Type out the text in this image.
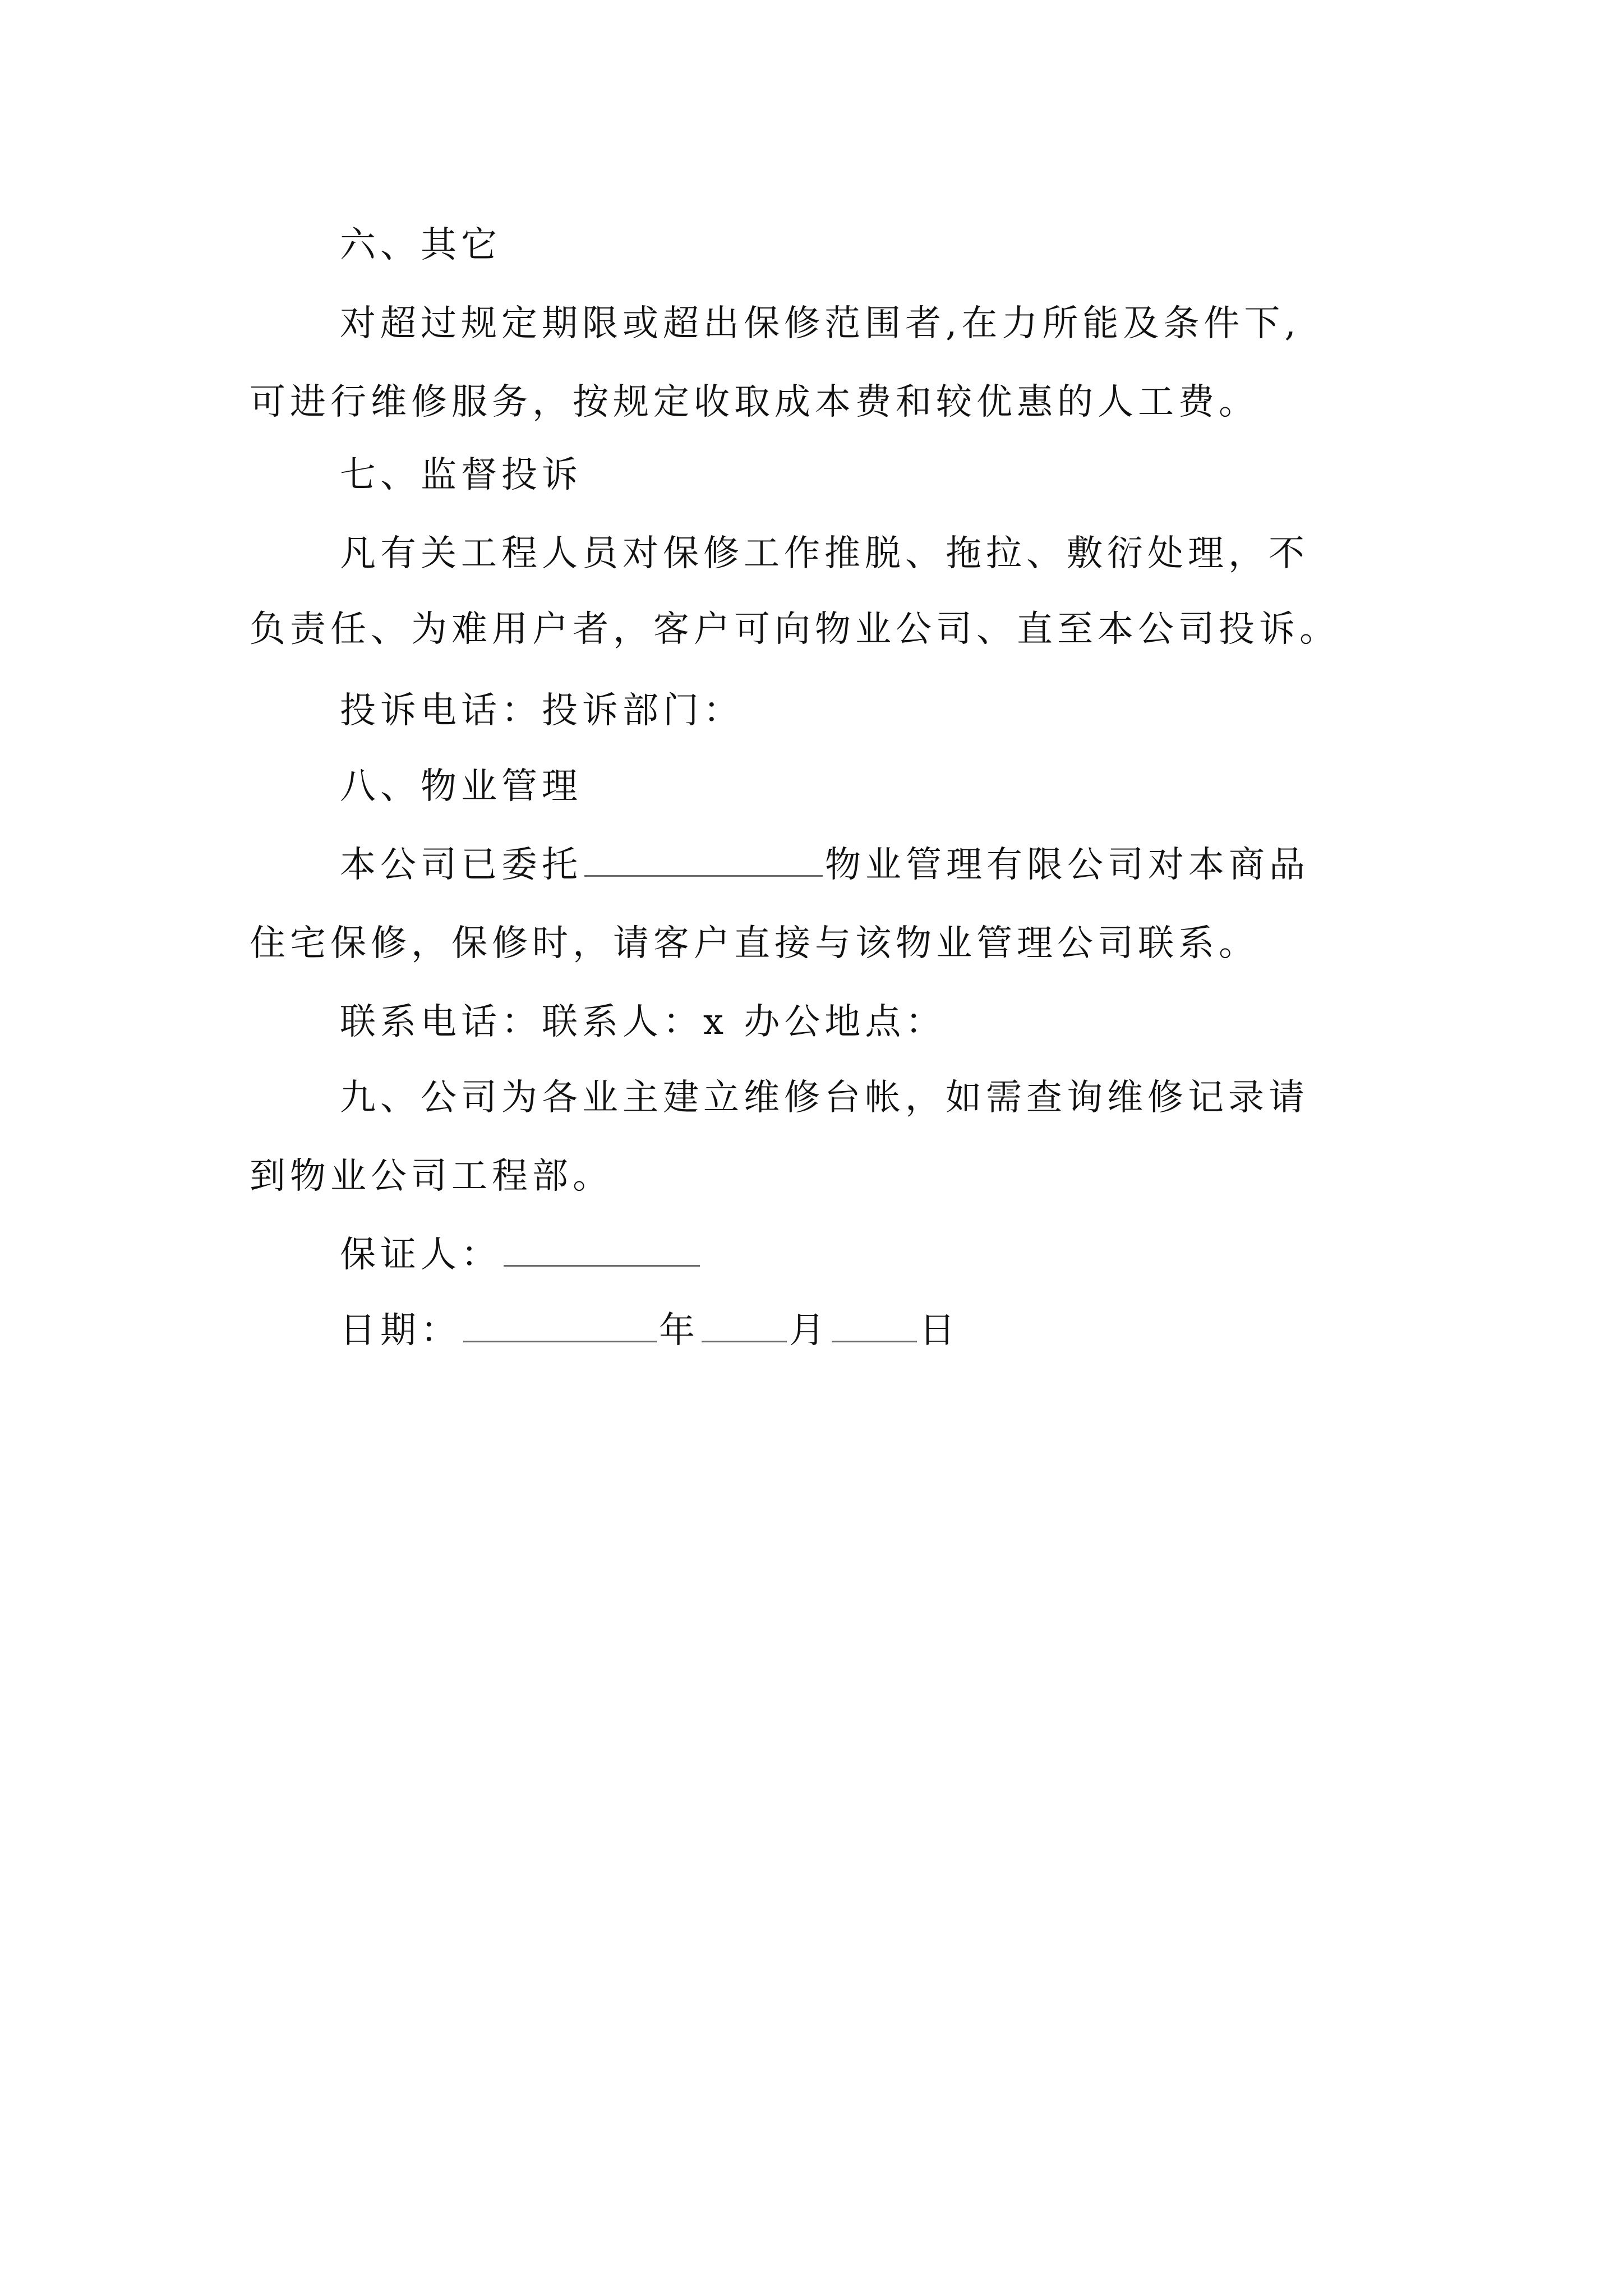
六、其它
对超过规定期限或超出保修范围者,在力所能及条件下,
可进行维修服务，按规定收取成本费和较优惠的人工费。
七、监督投诉
凡有关工程人员对保修工作推脱、拖拉、敷衍处理，不
负责任、为难用户者，客户可向物业公司、直至本公司投诉。
投诉电话：投诉部门：
八、物业管理
本公司已委托	物业管理有限公司对本商品
住宅保修，保修时，请客户直接与该物业管理公司联系。
联系电话：联系人：x 办公地点：
九、公司为各业主建立维修台帐，如需查询维修记录请
到物业公司工程部。
保证人：
日期：	年	月	日
